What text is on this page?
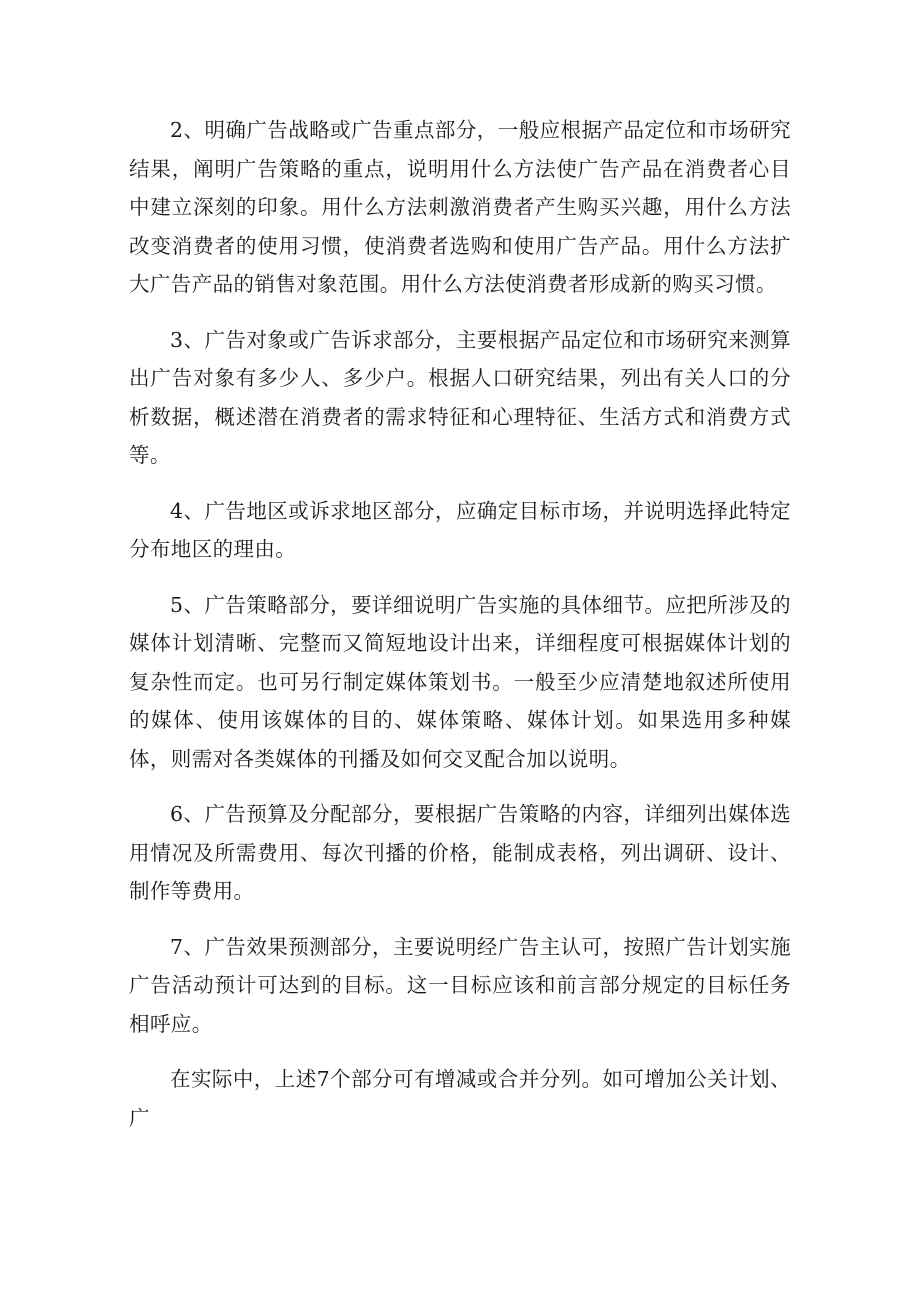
2、明确广告战略或广告重点部分，一般应根据产品定位和市场研究结果，阐明广告策略的重点，说明用什么方法使广告产品在消费者心目中建立深刻的印象。用什么方法刺激消费者产生购买兴趣，用什么方法改变消费者的使用习惯，使消费者选购和使用广告产品。用什么方法扩大广告产品的销售对象范围。用什么方法使消费者形成新的购买习惯。

3、广告对象或广告诉求部分，主要根据产品定位和市场研究来测算出广告对象有多少人、多少户。根据人口研究结果，列出有关人口的分析数据，概述潜在消费者的需求特征和心理特征、生活方式和消费方式等。

4、广告地区或诉求地区部分，应确定目标市场，并说明选择此特定分布地区的理由。

5、广告策略部分，要详细说明广告实施的具体细节。应把所涉及的媒体计划清晰、完整而又简短地设计出来，详细程度可根据媒体计划的复杂性而定。也可另行制定媒体策划书。一般至少应清楚地叙述所使用的媒体、使用该媒体的目的、媒体策略、媒体计划。如果选用多种媒体，则需对各类媒体的刊播及如何交叉配合加以说明。

6、广告预算及分配部分，要根据广告策略的内容，详细列出媒体选用情况及所需费用、每次刊播的价格，能制成表格，列出调研、设计、制作等费用。

7、广告效果预测部分，主要说明经广告主认可，按照广告计划实施广告活动预计可达到的目标。这一目标应该和前言部分规定的目标任务相呼应。

在实际中，上述7个部分可有增减或合并分列。如可增加公关计划、广
